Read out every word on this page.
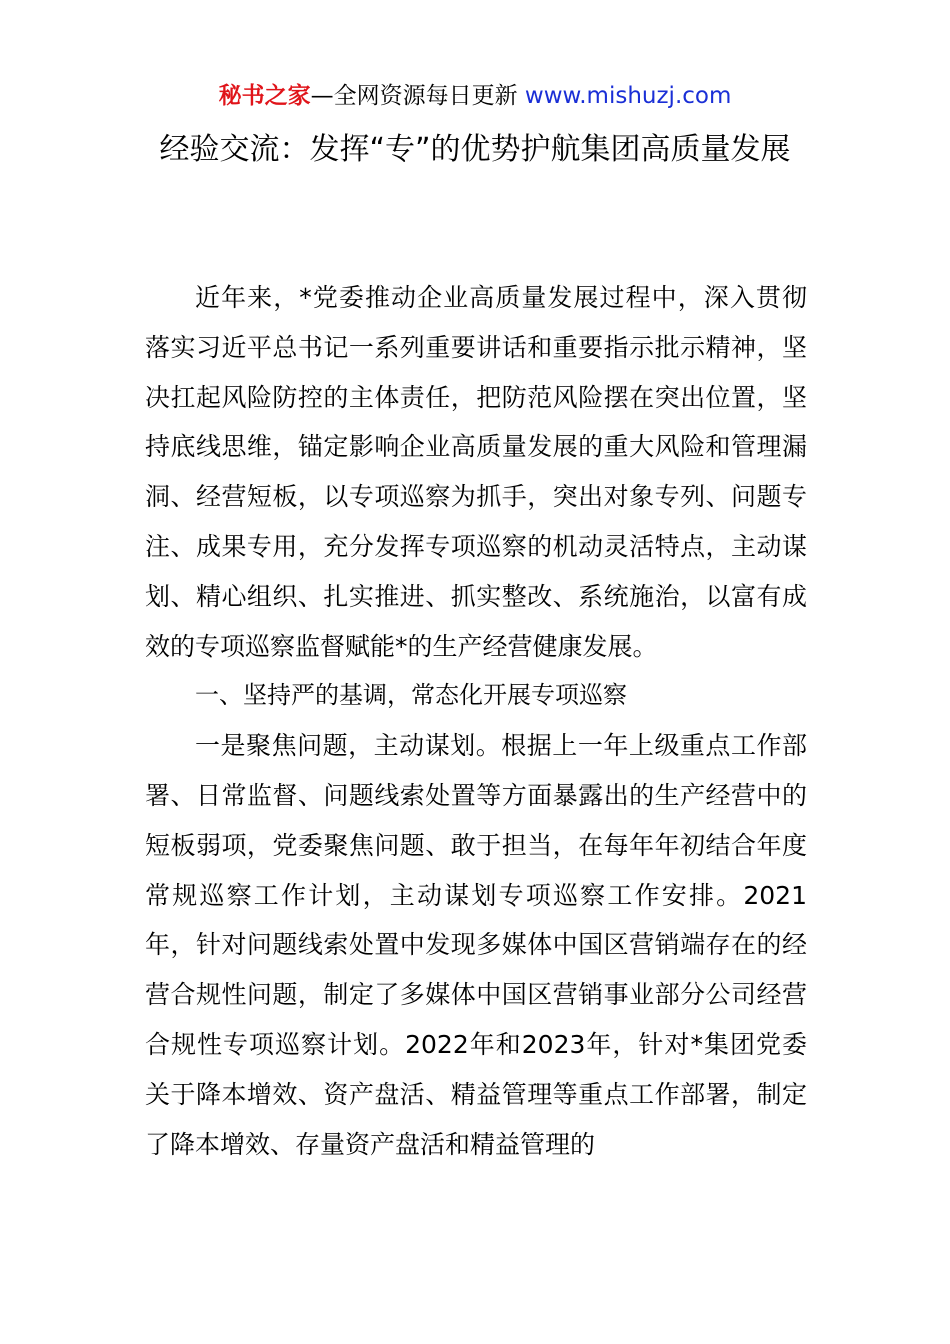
秘书之家—全网资源每日更新 www.mishuzj.com
经验交流：发挥“专”的优势护航集团高质量发展

近年来，*党委推动企业高质量发展过程中，深入贯彻落实习近平总书记一系列重要讲话和重要指示批示精神，坚决扛起风险防控的主体责任，把防范风险摆在突出位置，坚持底线思维，锚定影响企业高质量发展的重大风险和管理漏洞、经营短板，以专项巡察为抓手，突出对象专列、问题专注、成果专用，充分发挥专项巡察的机动灵活特点，主动谋划、精心组织、扎实推进、抓实整改、系统施治，以富有成效的专项巡察监督赋能*的生产经营健康发展。

一、坚持严的基调，常态化开展专项巡察

一是聚焦问题，主动谋划。根据上一年上级重点工作部署、日常监督、问题线索处置等方面暴露出的生产经营中的短板弱项，党委聚焦问题、敢于担当，在每年年初结合年度常规巡察工作计划，主动谋划专项巡察工作安排。2021年，针对问题线索处置中发现多媒体中国区营销端存在的经营合规性问题，制定了多媒体中国区营销事业部分公司经营合规性专项巡察计划。2022年和2023年，针对*集团党委关于降本增效、资产盘活、精益管理等重点工作部署，制定了降本增效、存量资产盘活和精益管理的
